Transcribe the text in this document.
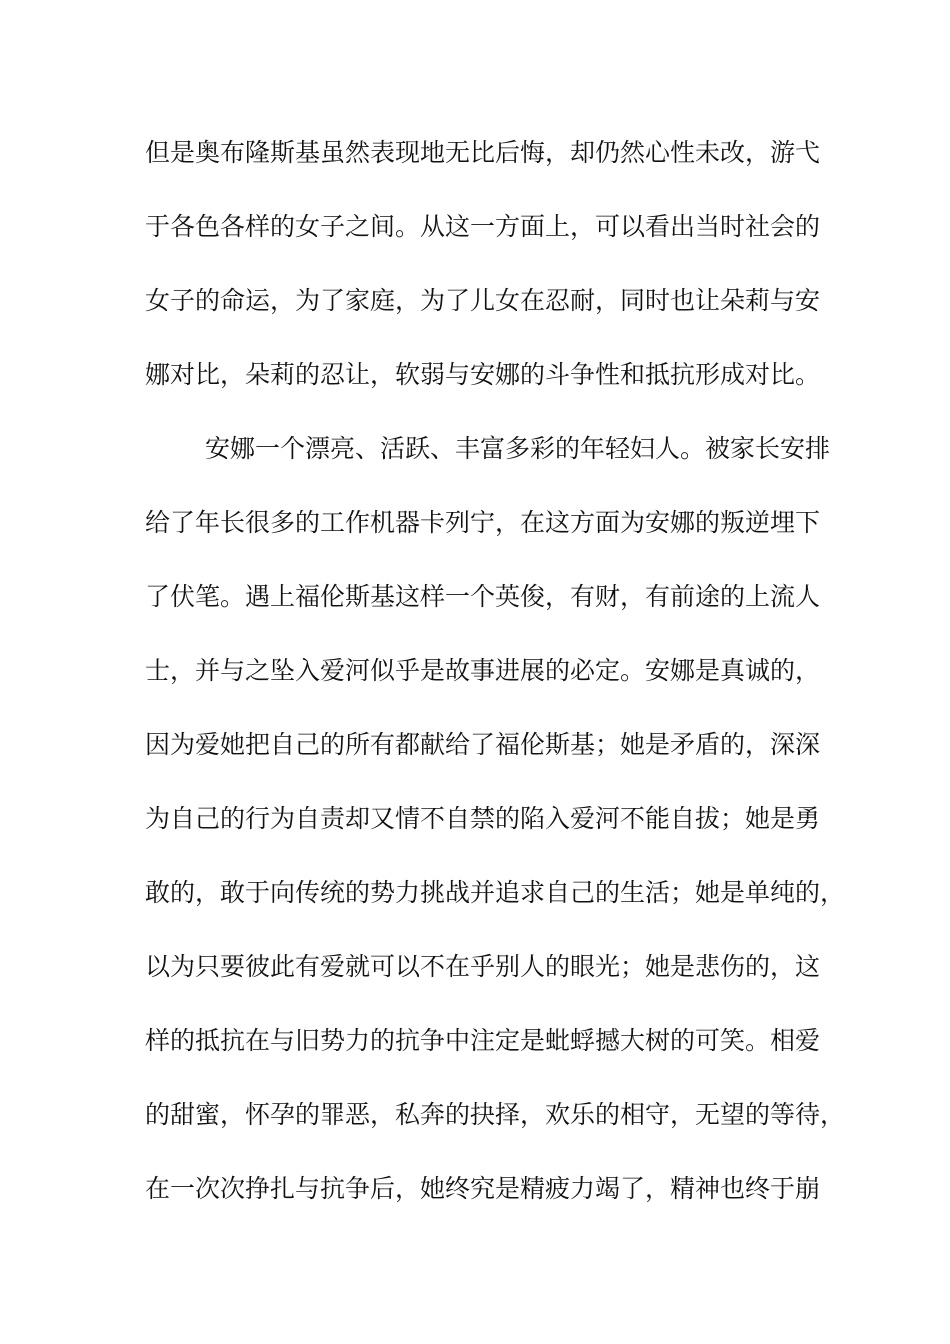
但是奥布隆斯基虽然表现地无比后悔，却仍然心性未改，游弋
于各色各样的女子之间。从这一方面上，可以看出当时社会的
女子的命运，为了家庭，为了儿女在忍耐，同时也让朵莉与安
娜对比，朵莉的忍让，软弱与安娜的斗争性和抵抗形成对比。
安娜一个漂亮、活跃、丰富多彩的年轻妇人。被家长安排
给了年长很多的工作机器卡列宁，在这方面为安娜的叛逆埋下
了伏笔。遇上福伦斯基这样一个英俊，有财，有前途的上流人
士，并与之坠入爱河似乎是故事进展的必定。安娜是真诚的，
因为爱她把自己的所有都献给了福伦斯基；她是矛盾的，深深
为自己的行为自责却又情不自禁的陷入爱河不能自拔；她是勇
敢的，敢于向传统的势力挑战并追求自己的生活；她是单纯的，
以为只要彼此有爱就可以不在乎别人的眼光；她是悲伤的，这
样的抵抗在与旧势力的抗争中注定是蚍蜉撼大树的可笑。相爱
的甜蜜，怀孕的罪恶，私奔的抉择，欢乐的相守，无望的等待，
在一次次挣扎与抗争后，她终究是精疲力竭了，精神也终于崩
